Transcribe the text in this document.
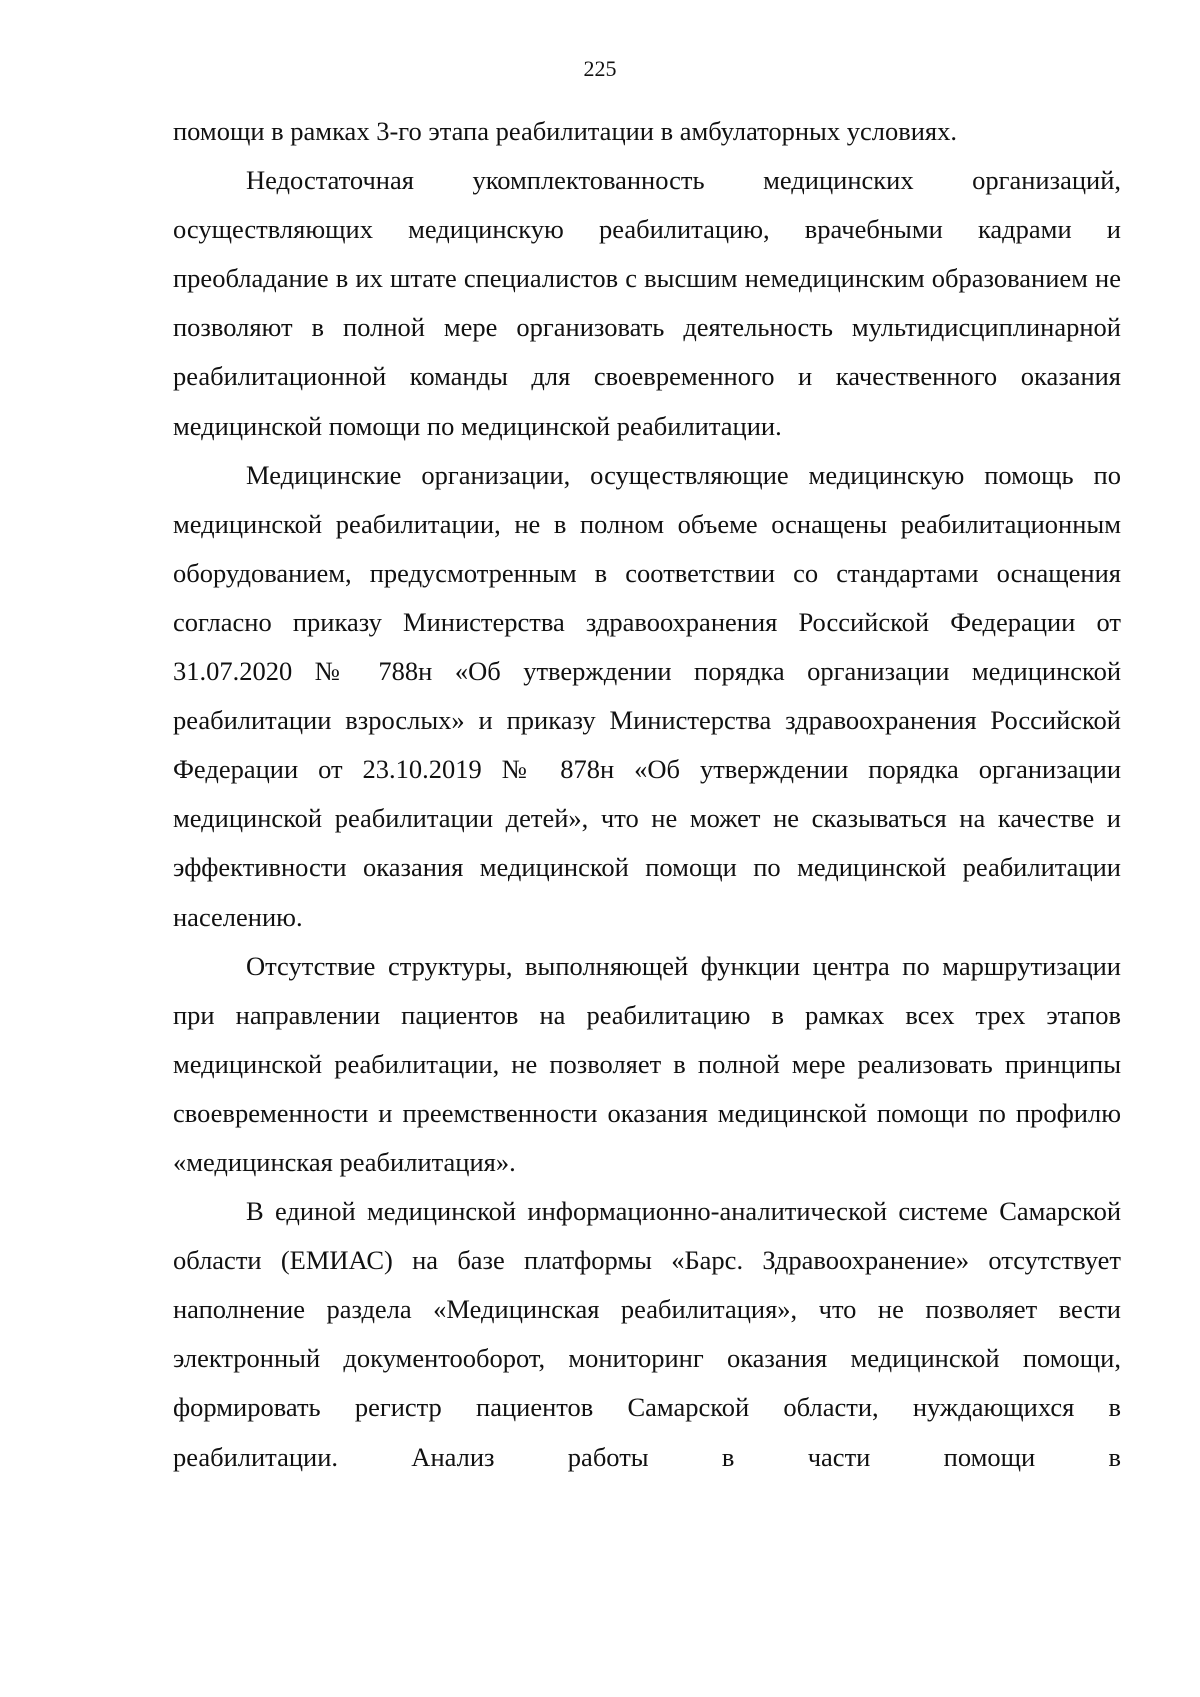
225

помощи в рамках 3-го этапа реабилитации в амбулаторных условиях.

Недостаточная укомплектованность медицинских организаций, осуществляющих медицинскую реабилитацию, врачебными кадрами и преобладание в их штате специалистов с высшим немедицинским образованием не позволяют в полной мере организовать деятельность мультидисциплинарной реабилитационной команды для своевременного и качественного оказания медицинской помощи по медицинской реабилитации.

Медицинские организации, осуществляющие медицинскую помощь по медицинской реабилитации, не в полном объеме оснащены реабилитационным оборудованием, предусмотренным в соответствии со стандартами оснащения согласно приказу Министерства здравоохранения Российской Федерации от 31.07.2020 № 788н «Об утверждении порядка организации медицинской реабилитации взрослых» и приказу Министерства здравоохранения Российской Федерации от 23.10.2019 № 878н «Об утверждении порядка организации медицинской реабилитации детей», что не может не сказываться на качестве и эффективности оказания медицинской помощи по медицинской реабилитации населению.

Отсутствие структуры, выполняющей функции центра по маршрутизации при направлении пациентов на реабилитацию в рамках всех трех этапов медицинской реабилитации, не позволяет в полной мере реализовать принципы своевременности и преемственности оказания медицинской помощи по профилю «медицинская реабилитация».

В единой медицинской информационно-аналитической системе Самарской области (ЕМИАС) на базе платформы «Барс. Здравоохранение» отсутствует наполнение раздела «Медицинская реабилитация», что не позволяет вести электронный документооборот, мониторинг оказания медицинской помощи, формировать регистр пациентов Самарской области, нуждающихся в реабилитации. Анализ работы в части помощи в
